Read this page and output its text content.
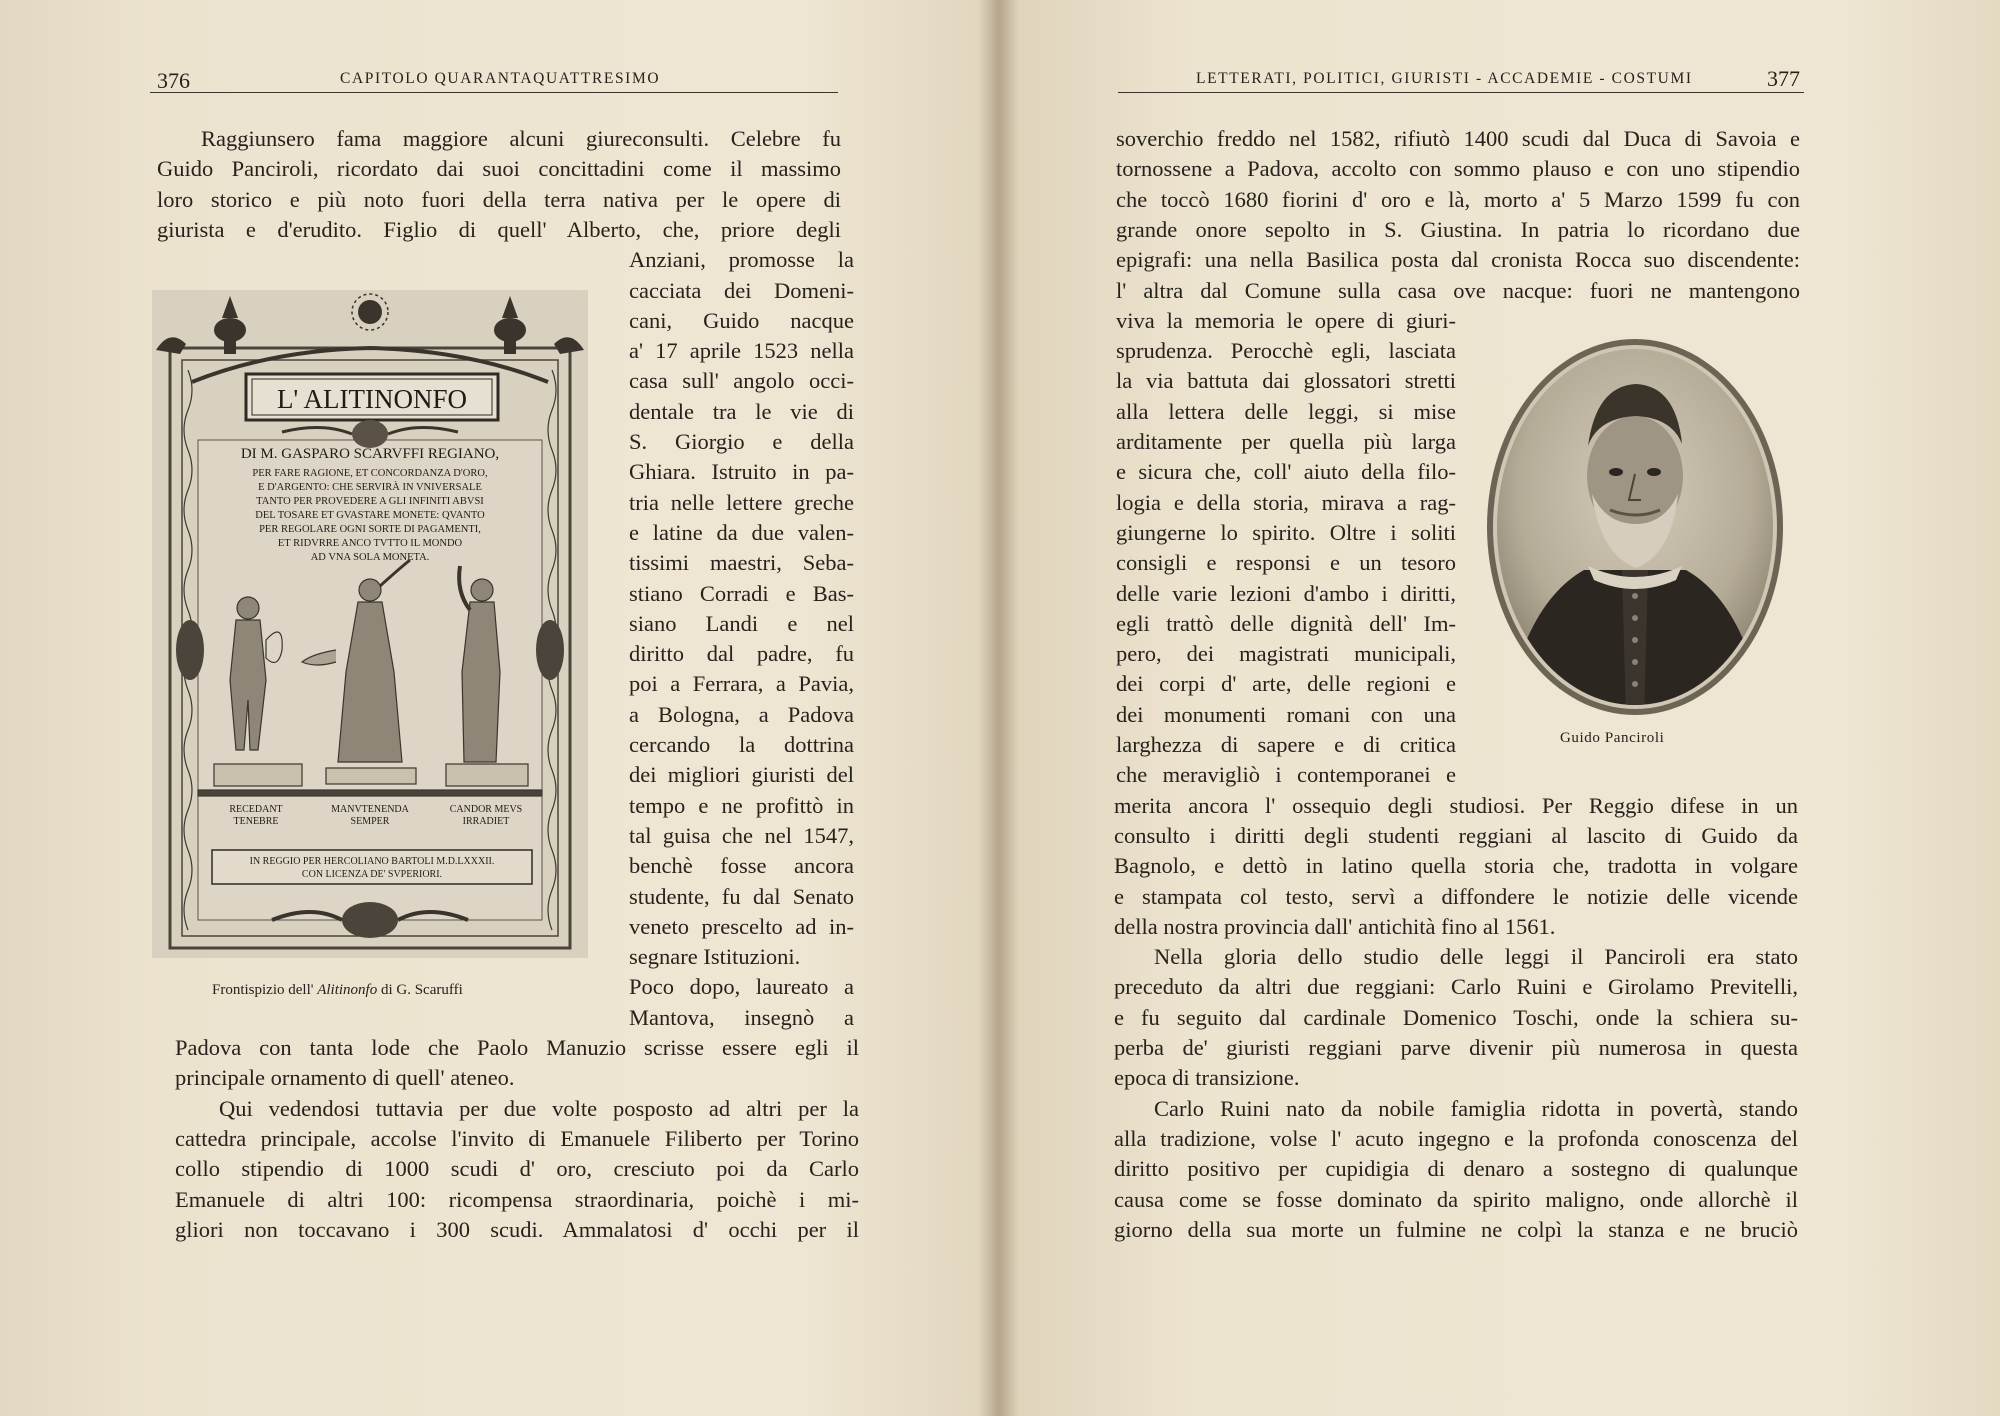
376	CAPITOLO QUARANTAQUATTRESIMO	LETTERATI, POLITICI, GIURISTI - ACCADEMIE - COSTUMI	377
Raggiunsero fama maggiore alcuni giureconsulti. Celebre fu
Guido Panciroli, ricordato dai suoi concittadini come il massimo
loro storico e più noto fuori della terra nativa per le opere di
giurista e d'erudito. Figlio di quell' Alberto, che, priore degli
Anziani, promosse la
cacciata dei Domeni-
cani, Guido nacque
a' 17 aprile 1523 nella
casa sull' angolo occi-
dentale tra le vie di
S. Giorgio e della
Ghiara. Istruito in pa-
tria nelle lettere greche
e latine da due valen-
tissimi maestri, Seba-
stiano Corradi e Bas-
siano Landi e nel
diritto dal padre, fu
poi a Ferrara, a Pavia,
a Bologna, a Padova
cercando la dottrina
dei migliori giuristi del
tempo e ne profittò in
tal guisa che nel 1547,
benchè fosse ancora
studente, fu dal Senato
veneto prescelto ad in-
segnare Istituzioni.
Poco dopo, laureato a
Mantova, insegnò a
Padova con tanta lode che Paolo Manuzio scrisse essere egli il
principale ornamento di quell' ateneo.
Qui vedendosi tuttavia per due volte posposto ad altri per la
cattedra principale, accolse l'invito di Emanuele Filiberto per Torino
collo stipendio di 1000 scudi d' oro, cresciuto poi da Carlo
Emanuele di altri 100: ricompensa straordinaria, poichè i mi-
gliori non toccavano i 300 scudi. Ammalatosi d' occhi per il
L' ALITINONFO
DI M. GASPARO SCARVFFI REGIANO,
PER FARE RAGIONE, ET CONCORDANZA D'ORO,
E D'ARGENTO: CHE SERVIRÀ IN VNIVERSALE
TANTO PER PROVEDERE A GLI INFINITI ABVSI
DEL TOSARE ET GVASTARE MONETE: QVANTO
PER REGOLARE OGNI SORTE DI PAGAMENTI,
ET RIDVRRE ANCO TVTTO IL MONDO
AD VNA SOLA MONETA.
RECEDANT
TENEBRE
MANVTENENDA
SEMPER
CANDOR MEVS
IRRADIET
IN REGGIO PER HERCOLIANO BARTOLI M.D.LXXXII.
CON LICENZA DE' SVPERIORI.
Frontispizio dell' Alitinonfo di G. Scaruffi
soverchio freddo nel 1582, rifiutò 1400 scudi dal Duca di Savoia e
tornossene a Padova, accolto con sommo plauso e con uno stipendio
che toccò 1680 fiorini d' oro e là, morto a' 5 Marzo 1599 fu con
grande onore sepolto in S. Giustina. In patria lo ricordano due
epigrafi: una nella Basilica posta dal cronista Rocca suo discendente:
l' altra dal Comune sulla casa ove nacque: fuori ne mantengono
viva la memoria le opere di giuri-
sprudenza. Perocchè egli, lasciata
la via battuta dai glossatori stretti
alla lettera delle leggi, si mise
arditamente per quella più larga
e sicura che, coll' aiuto della filo-
logia e della storia, mirava a rag-
giungerne lo spirito. Oltre i soliti
consigli e responsi e un tesoro
delle varie lezioni d'ambo i diritti,
egli trattò delle dignità dell' Im-
pero, dei magistrati municipali,
dei corpi d' arte, delle regioni e
dei monumenti romani con una
larghezza di sapere e di critica
che meravigliò i contemporanei e
merita ancora l' ossequio degli studiosi. Per Reggio difese in un
consulto i diritti degli studenti reggiani al lascito di Guido da
Bagnolo, e dettò in latino quella storia che, tradotta in volgare
e stampata col testo, servì a diffondere le notizie delle vicende
della nostra provincia dall' antichità fino al 1561.
Nella gloria dello studio delle leggi il Panciroli era stato
preceduto da altri due reggiani: Carlo Ruini e Girolamo Previtelli,
e fu seguito dal cardinale Domenico Toschi, onde la schiera su-
perba de' giuristi reggiani parve divenir più numerosa in questa
epoca di transizione.
Carlo Ruini nato da nobile famiglia ridotta in povertà, stando
alla tradizione, volse l' acuto ingegno e la profonda conoscenza del
diritto positivo per cupidigia di denaro a sostegno di qualunque
causa come se fosse dominato da spirito maligno, onde allorchè il
giorno della sua morte un fulmine ne colpì la stanza e ne bruciò
Guido Panciroli
